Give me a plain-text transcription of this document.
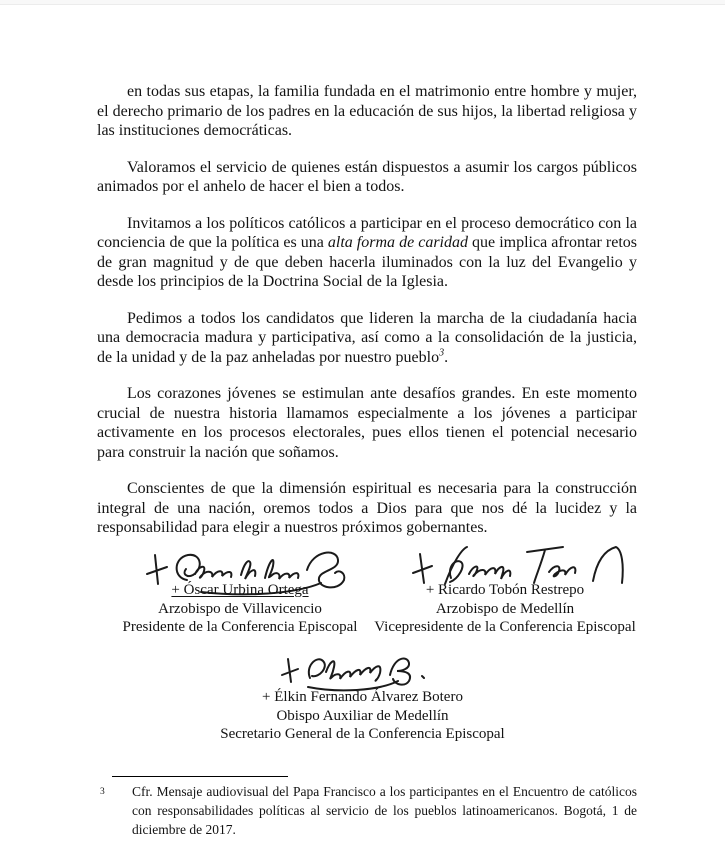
en todas sus etapas, la familia fundada en el matrimonio entre hombre y mujer, el derecho primario de los padres en la educación de sus hijos, la libertad religiosa y las instituciones democráticas.

Valoramos el servicio de quienes están dispuestos a asumir los cargos públicos animados por el anhelo de hacer el bien a todos.

Invitamos a los políticos católicos a participar en el proceso democrático con la conciencia de que la política es una alta forma de caridad que implica afrontar retos de gran magnitud y de que deben hacerla iluminados con la luz del Evangelio y desde los principios de la Doctrina Social de la Iglesia.

Pedimos a todos los candidatos que lideren la marcha de la ciudadanía hacia una democracia madura y participativa, así como a la consolidación de la justicia, de la unidad y de la paz anheladas por nuestro pueblo$^3$.

Los corazones jóvenes se estimulan ante desafíos grandes. En este momento crucial de nuestra historia llamamos especialmente a los jóvenes a participar activamente en los procesos electorales, pues ellos tienen el potencial necesario para construir la nación que soñamos.

Conscientes de que la dimensión espiritual es necesaria para la construcción integral de una nación, oremos todos a Dios para que nos dé la lucidez y la responsabilidad para elegir a nuestros próximos gobernantes.

+ Óscar Urbina Ortega
Arzobispo de Villavicencio
Presidente de la Conferencia Episcopal
+ Ricardo Tobón Restrepo
Arzobispo de Medellín
Vicepresidente de la Conferencia Episcopal
+ Élkin Fernando Álvarez Botero
Obispo Auxiliar de Medellín
Secretario General de la Conferencia Episcopal
3	Cfr. Mensaje audiovisual del Papa Francisco a los participantes en el Encuentro de católicos con responsabilidades políticas al servicio de los pueblos latinoamericanos. Bogotá, 1 de diciembre de 2017.
